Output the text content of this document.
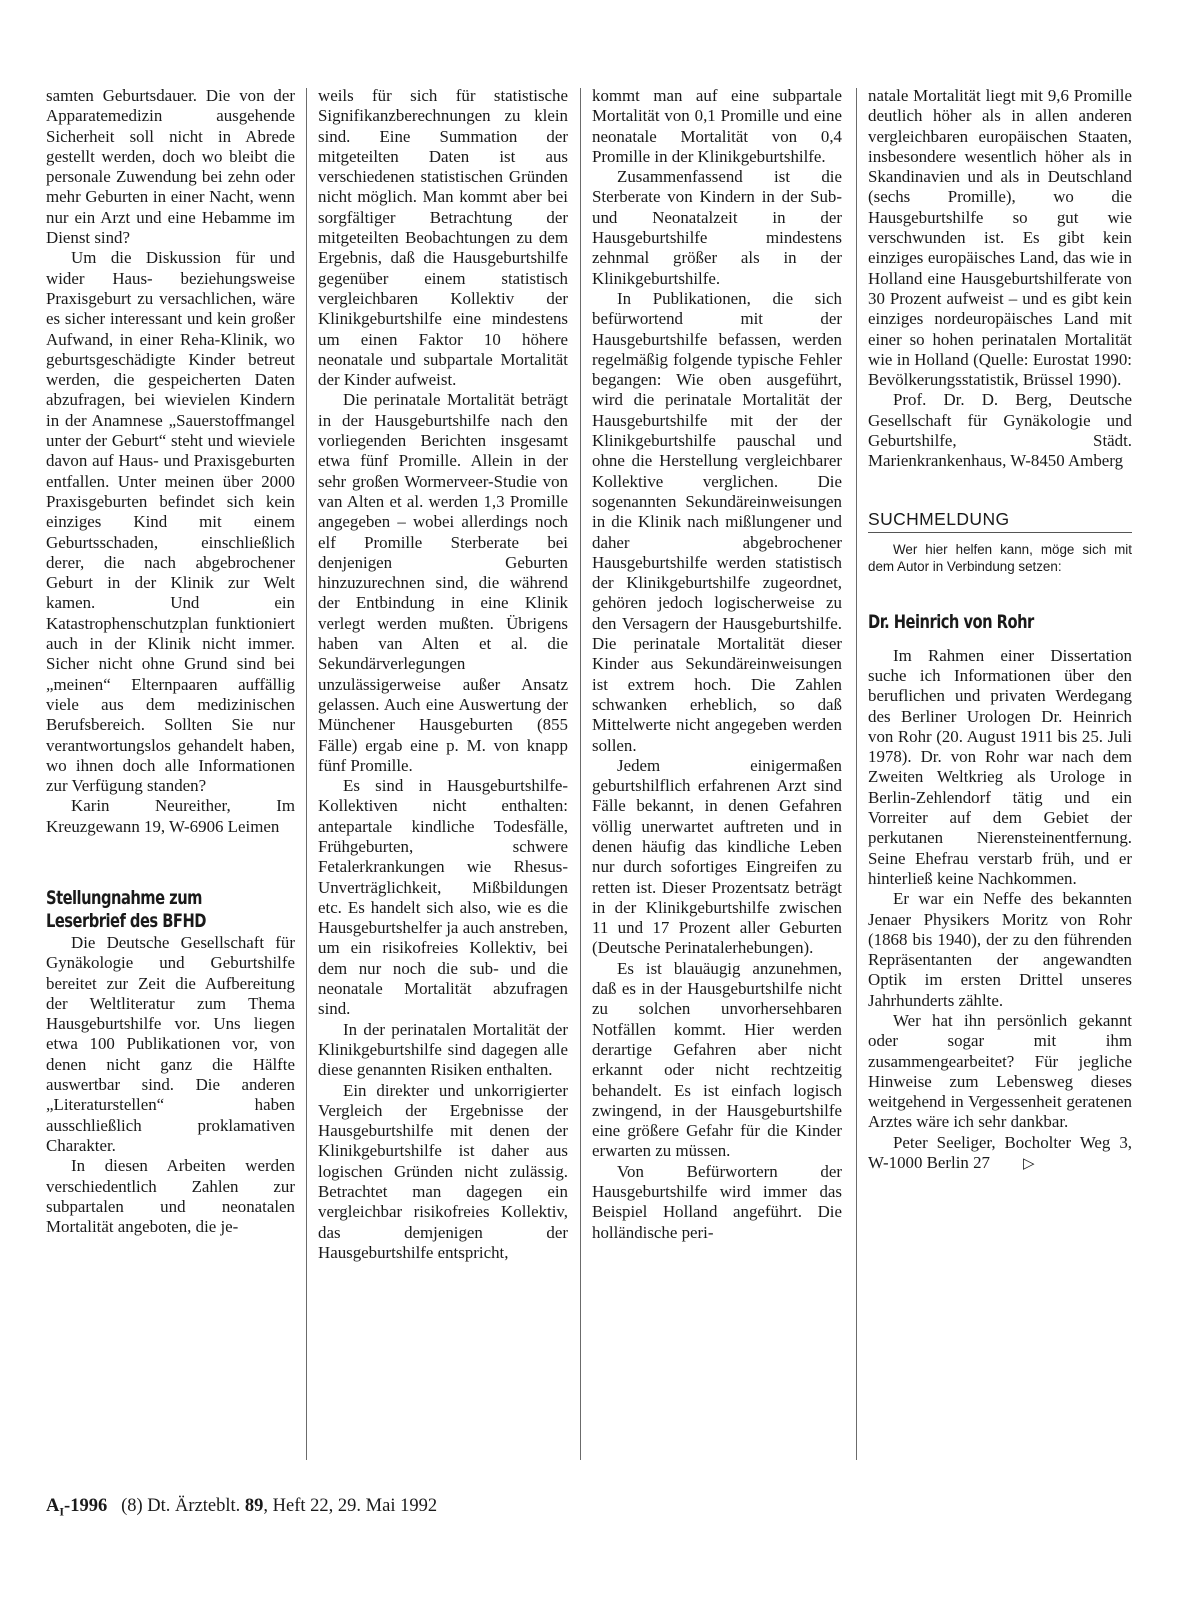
samten Geburtsdauer. Die von der Apparatemedizin ausgehende Sicherheit soll nicht in Abrede gestellt werden, doch wo bleibt die personale Zuwendung bei zehn oder mehr Geburten in einer Nacht, wenn nur ein Arzt und eine Hebamme im Dienst sind?

Um die Diskussion für und wider Haus- beziehungsweise Praxisgeburt zu versachlichen, wäre es sicher interessant und kein großer Aufwand, in einer Reha-Klinik, wo geburtsgeschädigte Kinder betreut werden, die gespeicherten Daten abzufragen, bei wievielen Kindern in der Anamnese „Sauerstoffmangel unter der Geburt“ steht und wieviele davon auf Haus- und Praxisgeburten entfallen. Unter meinen über 2000 Praxisgeburten befindet sich kein einziges Kind mit einem Geburtsschaden, einschließlich derer, die nach abgebrochener Geburt in der Klinik zur Welt kamen. Und ein Katastrophenschutzplan funktioniert auch in der Klinik nicht immer. Sicher nicht ohne Grund sind bei „meinen“ Elternpaaren auffällig viele aus dem medizinischen Berufsbereich. Sollten Sie nur verantwortungslos gehandelt haben, wo ihnen doch alle Informationen zur Verfügung standen?

Karin Neureither, Im Kreuzgewann 19, W-6906 Leimen

Stellungnahme zum
Leserbrief des BFHD

Die Deutsche Gesellschaft für Gynäkologie und Geburtshilfe bereitet zur Zeit die Aufbereitung der Weltliteratur zum Thema Hausgeburtshilfe vor. Uns liegen etwa 100 Publikationen vor, von denen nicht ganz die Hälfte auswertbar sind. Die anderen „Literaturstellen“ haben ausschließlich proklamativen Charakter.

In diesen Arbeiten werden verschiedentlich Zahlen zur subpartalen und neonatalen Mortalität angeboten, die je-

weils für sich für statistische Signifikanzberechnungen zu klein sind. Eine Summation der mitgeteilten Daten ist aus verschiedenen statistischen Gründen nicht möglich. Man kommt aber bei sorgfältiger Betrachtung der mitgeteilten Beobachtungen zu dem Ergebnis, daß die Hausgeburtshilfe gegenüber einem statistisch vergleichbaren Kollektiv der Klinikgeburtshilfe eine mindestens um einen Faktor 10 höhere neonatale und subpartale Mortalität der Kinder aufweist.

Die perinatale Mortalität beträgt in der Hausgeburtshilfe nach den vorliegenden Berichten insgesamt etwa fünf Promille. Allein in der sehr großen Wormerveer-Studie von van Alten et al. werden 1,3 Promille angegeben – wobei allerdings noch elf Promille Sterberate bei denjenigen Geburten hinzuzurechnen sind, die während der Entbindung in eine Klinik verlegt werden mußten. Übrigens haben van Alten et al. die Sekundärverlegungen unzulässigerweise außer Ansatz gelassen. Auch eine Auswertung der Münchener Hausgeburten (855 Fälle) ergab eine p. M. von knapp fünf Promille.

Es sind in Hausgeburtshilfe-Kollektiven nicht enthalten: antepartale kindliche Todesfälle, Frühgeburten, schwere Fetalerkrankungen wie Rhesus-Unverträglichkeit, Mißbildungen etc. Es handelt sich also, wie es die Hausgeburtshelfer ja auch anstreben, um ein risikofreies Kollektiv, bei dem nur noch die sub- und die neonatale Mortalität abzufragen sind.

In der perinatalen Mortalität der Klinikgeburtshilfe sind dagegen alle diese genannten Risiken enthalten.

Ein direkter und unkorrigierter Vergleich der Ergebnisse der Hausgeburtshilfe mit denen der Klinikgeburtshilfe ist daher aus logischen Gründen nicht zulässig. Betrachtet man dagegen ein vergleichbar risikofreies Kollektiv, das demjenigen der Hausgeburtshilfe entspricht,

kommt man auf eine subpartale Mortalität von 0,1 Promille und eine neonatale Mortalität von 0,4 Promille in der Klinikgeburtshilfe.

Zusammenfassend ist die Sterberate von Kindern in der Sub- und Neonatalzeit in der Hausgeburtshilfe mindestens zehnmal größer als in der Klinikgeburtshilfe.

In Publikationen, die sich befürwortend mit der Hausgeburtshilfe befassen, werden regelmäßig folgende typische Fehler begangen: Wie oben ausgeführt, wird die perinatale Mortalität der Hausgeburtshilfe mit der der Klinikgeburtshilfe pauschal und ohne die Herstellung vergleichbarer Kollektive verglichen. Die sogenannten Sekundäreinweisungen in die Klinik nach mißlungener und daher abgebrochener Hausgeburtshilfe werden statistisch der Klinikgeburtshilfe zugeordnet, gehören jedoch logischerweise zu den Versagern der Hausgeburtshilfe. Die perinatale Mortalität dieser Kinder aus Sekundäreinweisungen ist extrem hoch. Die Zahlen schwanken erheblich, so daß Mittelwerte nicht angegeben werden sollen.

Jedem einigermaßen geburtshilflich erfahrenen Arzt sind Fälle bekannt, in denen Gefahren völlig unerwartet auftreten und in denen häufig das kindliche Leben nur durch sofortiges Eingreifen zu retten ist. Dieser Prozentsatz beträgt in der Klinikgeburtshilfe zwischen 11 und 17 Prozent aller Geburten (Deutsche Perinatalerhebungen).

Es ist blauäugig anzunehmen, daß es in der Hausgeburtshilfe nicht zu solchen unvorhersehbaren Notfällen kommt. Hier werden derartige Gefahren aber nicht erkannt oder nicht rechtzeitig behandelt. Es ist einfach logisch zwingend, in der Hausgeburtshilfe eine größere Gefahr für die Kinder erwarten zu müssen.

Von Befürwortern der Hausgeburtshilfe wird immer das Beispiel Holland angeführt. Die holländische peri-

natale Mortalität liegt mit 9,6 Promille deutlich höher als in allen anderen vergleichbaren europäischen Staaten, insbesondere wesentlich höher als in Skandinavien und als in Deutschland (sechs Promille), wo die Hausgeburtshilfe so gut wie verschwunden ist. Es gibt kein einziges europäisches Land, das wie in Holland eine Hausgeburtshilferate von 30 Prozent aufweist – und es gibt kein einziges nordeuropäisches Land mit einer so hohen perinatalen Mortalität wie in Holland (Quelle: Eurostat 1990: Bevölkerungsstatistik, Brüssel 1990).

Prof. Dr. D. Berg, Deutsche Gesellschaft für Gynäkologie und Geburtshilfe, Städt. Marienkrankenhaus, W-8450 Amberg

SUCHMELDUNG

Wer hier helfen kann, möge sich mit dem Autor in Verbindung setzen:

Dr. Heinrich von Rohr

Im Rahmen einer Dissertation suche ich Informationen über den beruflichen und privaten Werdegang des Berliner Urologen Dr. Heinrich von Rohr (20. August 1911 bis 25. Juli 1978). Dr. von Rohr war nach dem Zweiten Weltkrieg als Urologe in Berlin-Zehlendorf tätig und ein Vorreiter auf dem Gebiet der perkutanen Nierensteinentfernung. Seine Ehefrau verstarb früh, und er hinterließ keine Nachkommen.

Er war ein Neffe des bekannten Jenaer Physikers Moritz von Rohr (1868 bis 1940), der zu den führenden Repräsentanten der angewandten Optik im ersten Drittel unseres Jahrhunderts zählte.

Wer hat ihn persönlich gekannt oder sogar mit ihm zusammengearbeitet? Für jegliche Hinweise zum Lebensweg dieses weitgehend in Vergessenheit geratenen Arztes wäre ich sehr dankbar.

Peter Seeliger, Bocholter Weg 3, W-1000 Berlin 27 ▷

$A_I-1996$ (8) Dt. Ärzteblt. 89, Heft 22, 29. Mai 1992
